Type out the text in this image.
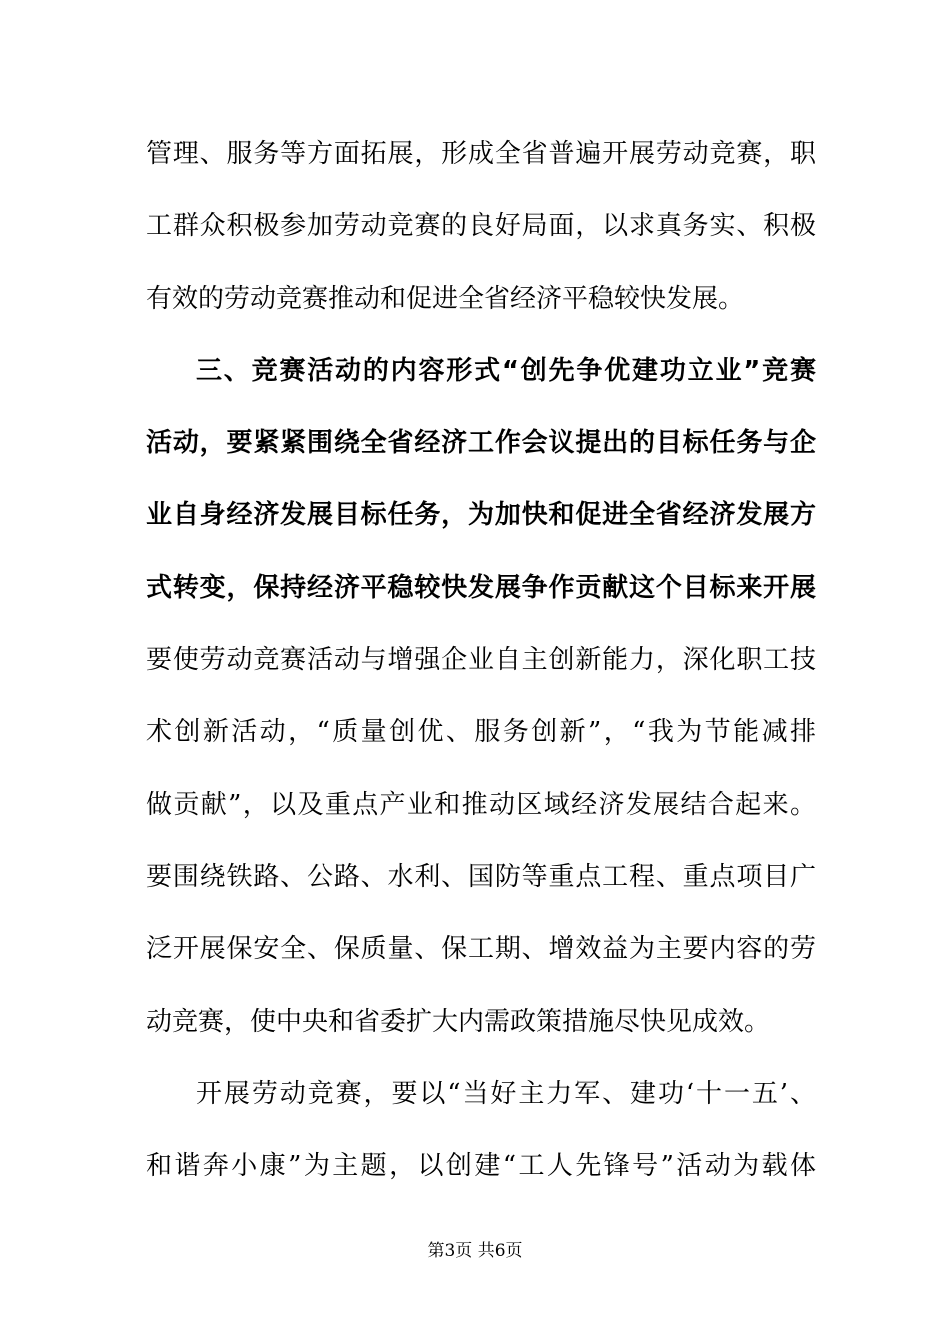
管理、服务等方面拓展，形成全省普遍开展劳动竞赛，职
工群众积极参加劳动竞赛的良好局面，以求真务实、积极
有效的劳动竞赛推动和促进全省经济平稳较快发展。
三、竞赛活动的内容形式“创先争优建功立业”竞赛
活动，要紧紧围绕全省经济工作会议提出的目标任务与企
业自身经济发展目标任务，为加快和促进全省经济发展方
式转变，保持经济平稳较快发展争作贡献这个目标来开展
要使劳动竞赛活动与增强企业自主创新能力，深化职工技
术创新活动，“质量创优、服务创新”，“我为节能减排
做贡献”，以及重点产业和推动区域经济发展结合起来。
要围绕铁路、公路、水利、国防等重点工程、重点项目广
泛开展保安全、保质量、保工期、增效益为主要内容的劳
动竞赛，使中央和省委扩大内需政策措施尽快见成效。
开展劳动竞赛，要以“当好主力军、建功‘十一五’、
和谐奔小康”为主题，以创建“工人先锋号”活动为载体
第3页 共6页
